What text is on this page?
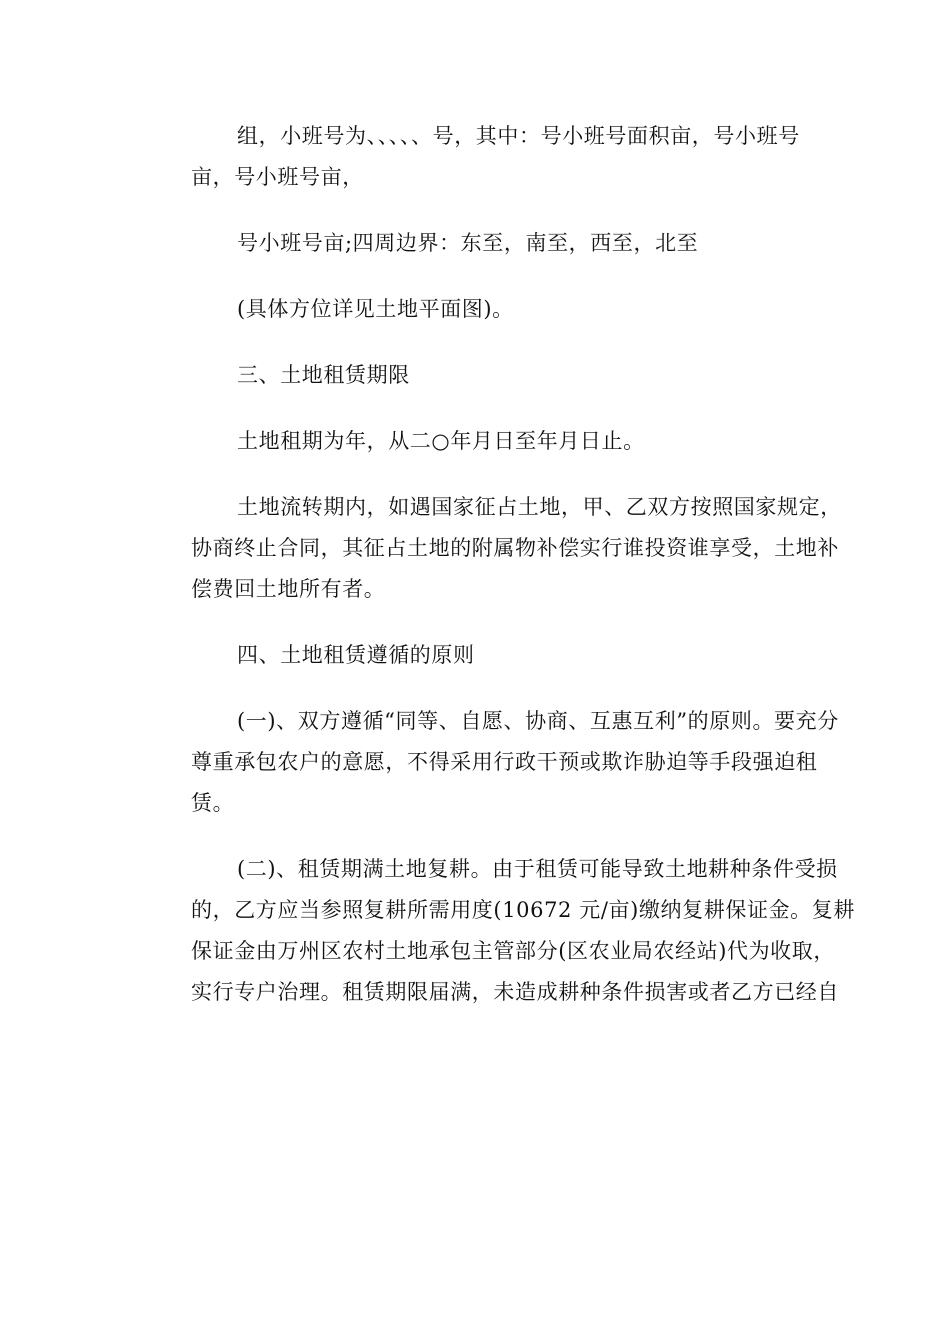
组，小班号为、、、、、号，其中：号小班号面积亩，号小班号
亩，号小班号亩，
号小班号亩;四周边界：东至，南至，西至，北至
(具体方位详见土地平面图)。
三、土地租赁期限
土地租期为年，从二○年月日至年月日止。
土地流转期内，如遇国家征占土地，甲、乙双方按照国家规定，
协商终止合同，其征占土地的附属物补偿实行谁投资谁享受，土地补
偿费回土地所有者。
四、土地租赁遵循的原则
(一)、双方遵循“同等、自愿、协商、互惠互利”的原则。要充分
尊重承包农户的意愿，不得采用行政干预或欺诈胁迫等手段强迫租
赁。
(二)、租赁期满土地复耕。由于租赁可能导致土地耕种条件受损
的，乙方应当参照复耕所需用度(10672 元/亩)缴纳复耕保证金。复耕
保证金由万州区农村土地承包主管部分(区农业局农经站)代为收取，
实行专户治理。租赁期限届满，未造成耕种条件损害或者乙方已经自
